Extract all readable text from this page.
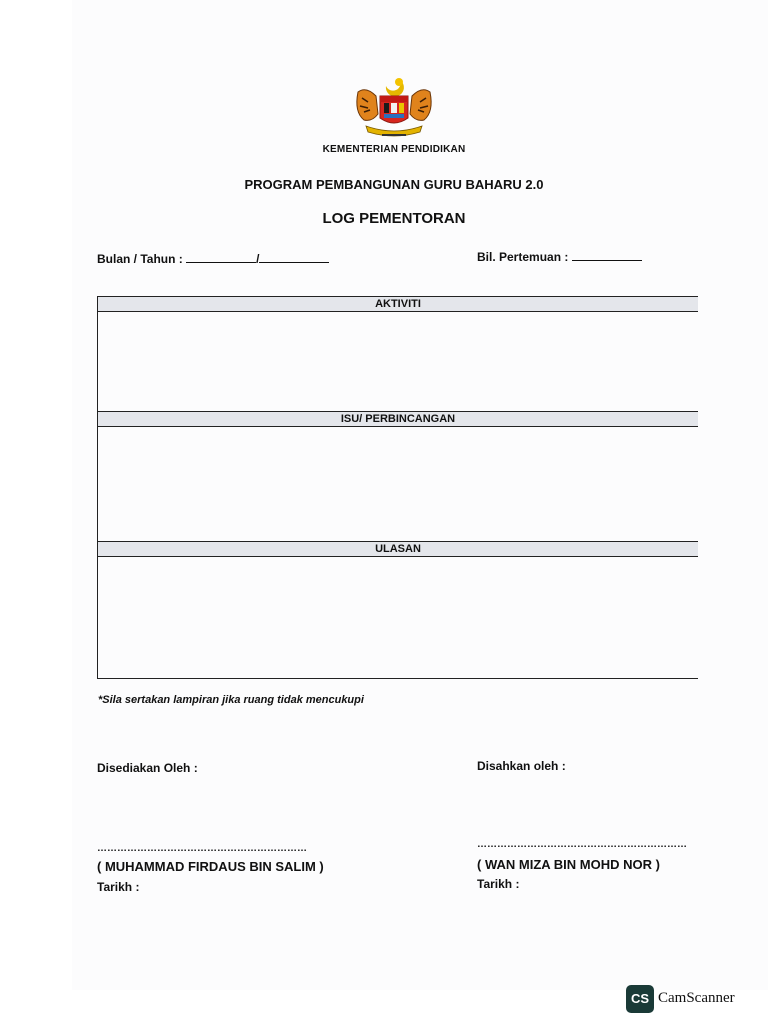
KEMENTERIAN PENDIDIKAN
PROGRAM PEMBANGUNAN GURU BAHARU 2.0
LOG PEMENTORAN
Bulan / Tahun :	/	Bil. Pertemuan :
AKTIVITI
ISU/ PERBINCANGAN
ULASAN
*Sila sertakan lampiran jika ruang tidak mencukupi
Disediakan Oleh :	Disahkan oleh :
………………………………………………………	………………………………………………………
( MUHAMMAD FIRDAUS BIN SALIM )	( WAN MIZA BIN MOHD NOR )
Tarikh :	Tarikh :
CS CamScanner
